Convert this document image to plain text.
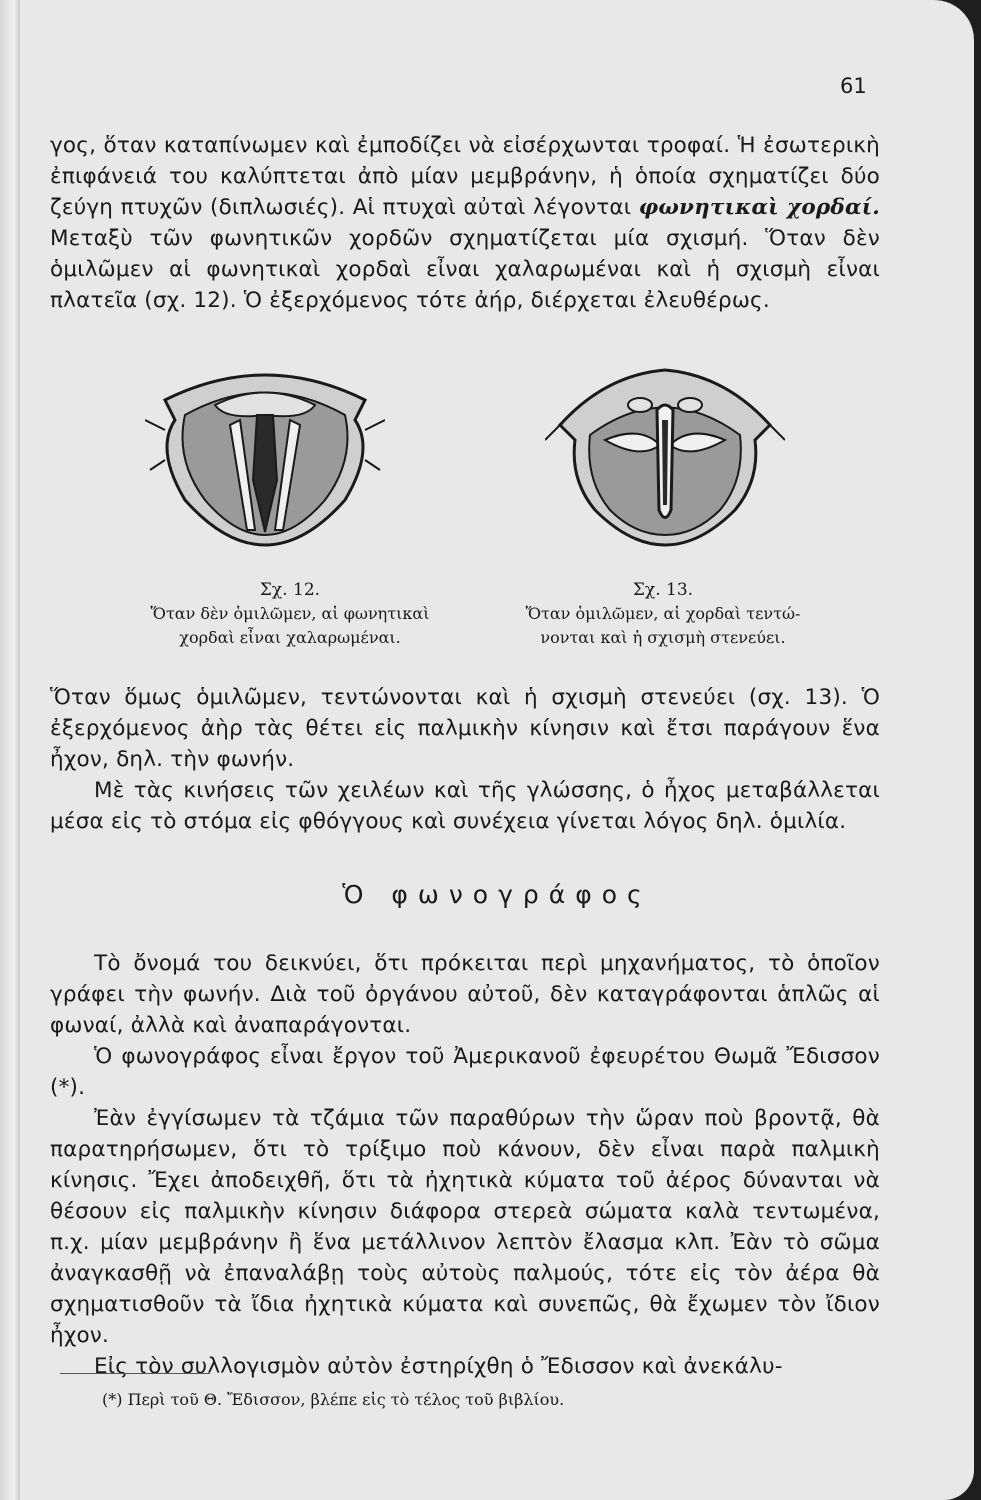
61

γος, ὅταν καταπίνωμεν καὶ ἐμποδίζει νὰ εἰσέρχωνται τροφαί. Ἡ ἐσωτερικὴ ἐπιφάνειά του καλύπτεται ἀπὸ μίαν μεμβράνην, ἡ ὁποία σχηματίζει δύο ζεύγη πτυχῶν (διπλωσιές). Αἱ πτυχαὶ αὐταὶ λέγονται φωνητικαὶ χορδαί. Μεταξὺ τῶν φωνητικῶν χορδῶν σχηματίζεται μία σχισμή. Ὅταν δὲν ὁμιλῶμεν αἱ φωνητικαὶ χορδαὶ εἶναι χαλαρωμέναι καὶ ἡ σχισμὴ εἶναι πλατεῖα (σχ. 12). Ὁ ἐξερχόμενος τότε ἀήρ, διέρχεται ἐλευθέρως.

Σχ. 12.
Ὅταν δὲν ὁμιλῶμεν, αἱ φωνητικαὶ
χορδαὶ εἶναι χαλαρωμέναι.
Σχ. 13.
Ὅταν ὁμιλῶμεν, αἱ χορδαὶ τεντώ-
νονται καὶ ἡ σχισμὴ στενεύει.

Ὅταν ὅμως ὁμιλῶμεν, τεντώνονται καὶ ἡ σχισμὴ στενεύει (σχ. 13). Ὁ ἐξερχόμενος ἀὴρ τὰς θέτει εἰς παλμικὴν κίνησιν καὶ ἔτσι παράγουν ἕνα ἦχον, δηλ. τὴν φωνήν.

Μὲ τὰς κινήσεις τῶν χειλέων καὶ τῆς γλώσσης, ὁ ἦχος μεταβάλλεται μέσα εἰς τὸ στόμα εἰς φθόγγους καὶ συνέχεια γίνεται λόγος δηλ. ὁμιλία.

Ὁ φωνογράφος

Τὸ ὄνομά του δεικνύει, ὅτι πρόκειται περὶ μηχανήματος, τὸ ὁποῖον γράφει τὴν φωνήν. Διὰ τοῦ ὀργάνου αὐτοῦ, δὲν καταγράφονται ἁπλῶς αἱ φωναί, ἀλλὰ καὶ ἀναπαράγονται.

Ὁ φωνογράφος εἶναι ἔργον τοῦ Ἀμερικανοῦ ἐφευρέτου Θωμᾶ Ἔδισσον (*).

Ἐὰν ἐγγίσωμεν τὰ τζάμια τῶν παραθύρων τὴν ὥραν ποὺ βροντᾷ, θὰ παρατηρήσωμεν, ὅτι τὸ τρίξιμο ποὺ κάνουν, δὲν εἶναι παρὰ παλμικὴ κίνησις. Ἔχει ἀποδειχθῆ, ὅτι τὰ ἠχητικὰ κύματα τοῦ ἀέρος δύνανται νὰ θέσουν εἰς παλμικὴν κίνησιν διάφορα στερεὰ σώματα καλὰ τεντωμένα, π.χ. μίαν μεμβράνην ἢ ἕνα μετάλλινον λεπτὸν ἔλασμα κλπ. Ἐὰν τὸ σῶμα ἀναγκασθῇ νὰ ἐπαναλάβῃ τοὺς αὐτοὺς παλμούς, τότε εἰς τὸν ἀέρα θὰ σχηματισθοῦν τὰ ἴδια ἠχητικὰ κύματα καὶ συνεπῶς, θὰ ἔχωμεν τὸν ἴδιον ἦχον.

Εἰς τὸν συλλογισμὸν αὐτὸν ἐστηρίχθη ὁ Ἔδισσον καὶ ἀνεκάλυ-

(*) Περὶ τοῦ Θ. Ἔδισσον, βλέπε εἰς τὸ τέλος τοῦ βιβλίου.
